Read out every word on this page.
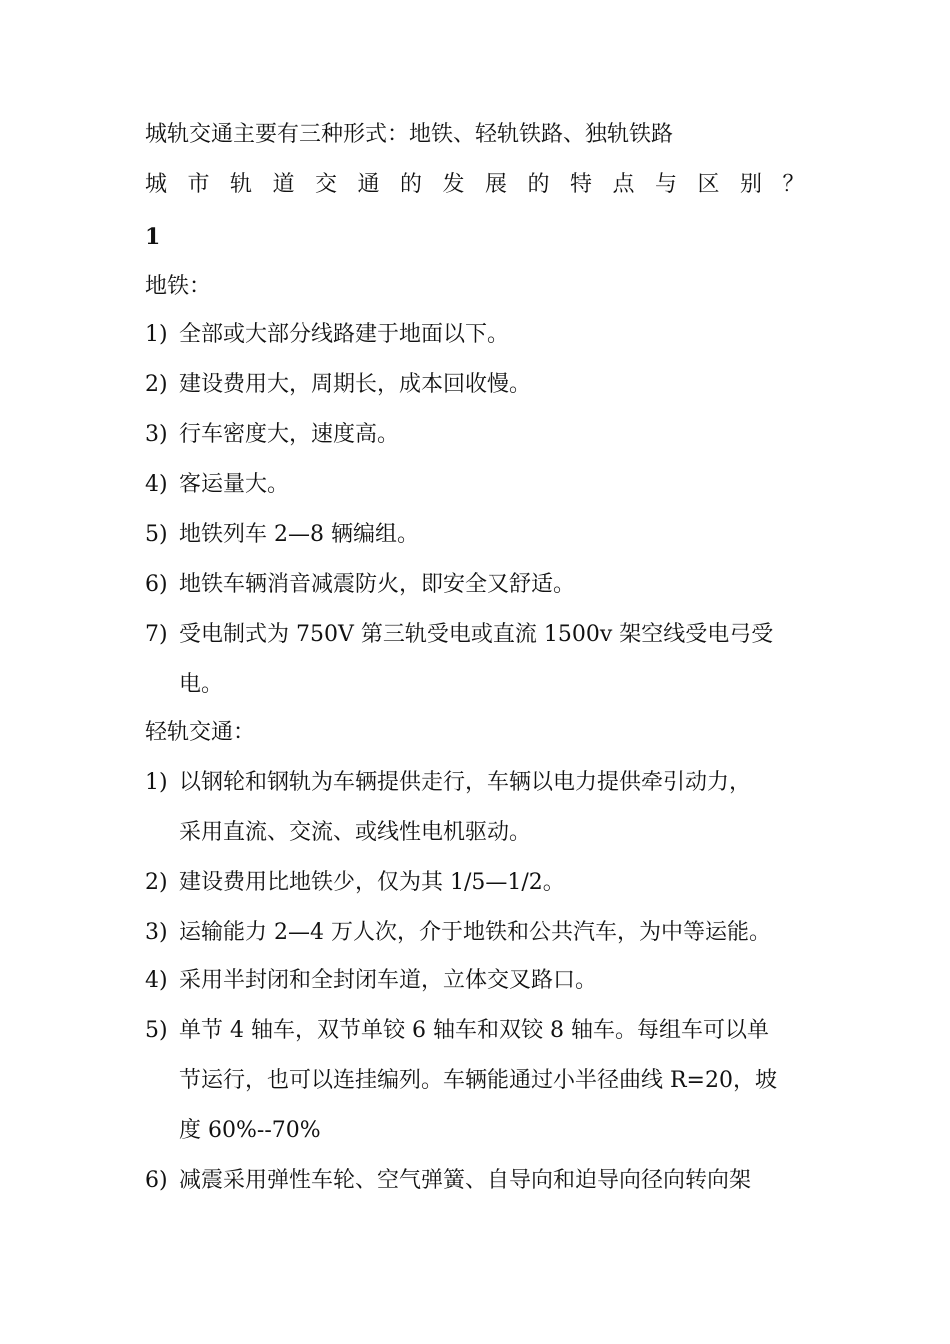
城轨交通主要有三种形式：地铁、轻轨铁路、独轨铁路
城市轨道交通的发展的特点与区别？
1
地铁：
1) 全部或大部分线路建于地面以下。
2) 建设费用大，周期长，成本回收慢。
3) 行车密度大，速度高。
4) 客运量大。
5) 地铁列车 2—8 辆编组。
6) 地铁车辆消音减震防火，即安全又舒适。
7) 受电制式为 750V 第三轨受电或直流 1500v 架空线受电弓受
电。
轻轨交通：
1) 以钢轮和钢轨为车辆提供走行，车辆以电力提供牵引动力，
采用直流、交流、或线性电机驱动。
2) 建设费用比地铁少，仅为其 1/5—1/2。
3) 运输能力 2—4 万人次，介于地铁和公共汽车，为中等运能。
4) 采用半封闭和全封闭车道，立体交叉路口。
5) 单节 4 轴车，双节单铰 6 轴车和双铰 8 轴车。每组车可以单
节运行，也可以连挂编列。车辆能通过小半径曲线 R=20，坡
度 60%--70%
6) 减震采用弹性车轮、空气弹簧、自导向和迫导向径向转向架
